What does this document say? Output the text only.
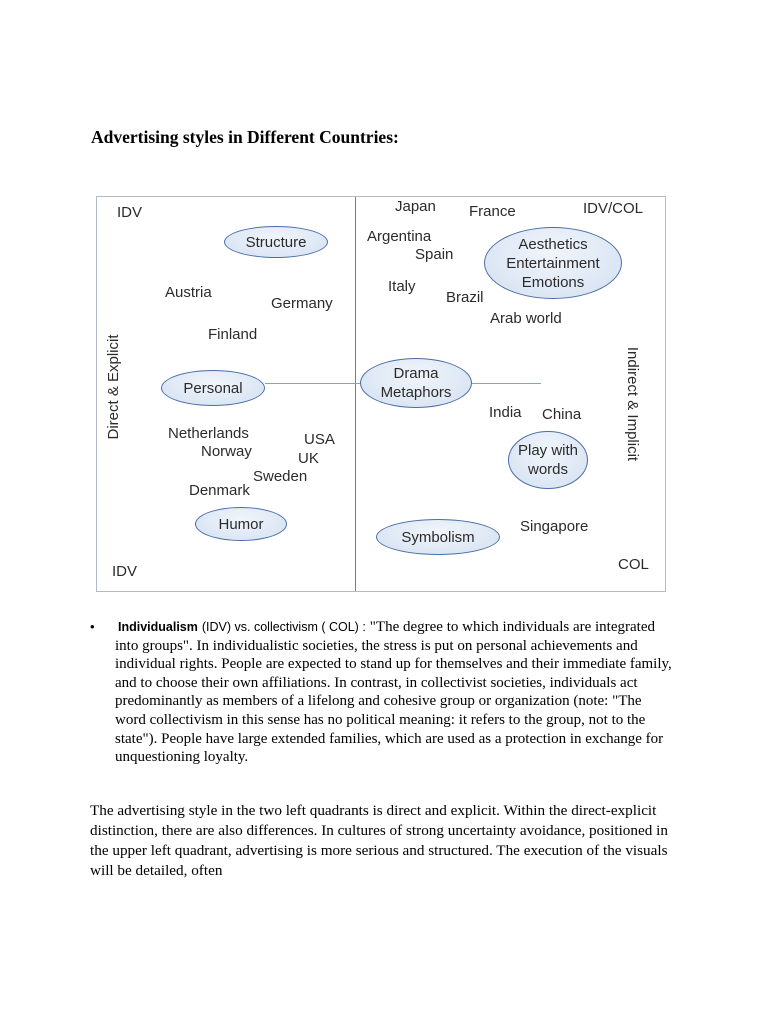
Advertising styles in Different Countries:
IDV	IDV/COL
IDV	COL
Direct & Explicit	Indirect & Implicit
Structure
Personal
Humor
Aesthetics
Entertainment
Emotions
Drama
Metaphors
Play with
words
Symbolism
Japan France
Argentina
Spain
Italy
Brazil
Arab world
Austria
Germany
Finland
Netherlands
Norway
USA
UK
Sweden
Denmark
India China
Singapore
• Individualism (IDV) vs. collectivism ( COL) : "The degree to which individuals are integrated
into groups". In individualistic societies, the stress is put on personal achievements and
individual rights. People are expected to stand up for themselves and their immediate family,
and to choose their own affiliations. In contrast, in collectivist societies, individuals act
predominantly as members of a lifelong and cohesive group or organization (note: "The
word collectivism in this sense has no political meaning: it refers to the group, not to the
state"). People have large extended families, which are used as a protection in exchange for
unquestioning loyalty.
The advertising style in the two left quadrants is direct and explicit. Within the direct-explicit
distinction, there are also differences. In cultures of strong uncertainty avoidance, positioned in
the upper left quadrant, advertising is more serious and structured. The execution of the visuals
will be detailed, often
